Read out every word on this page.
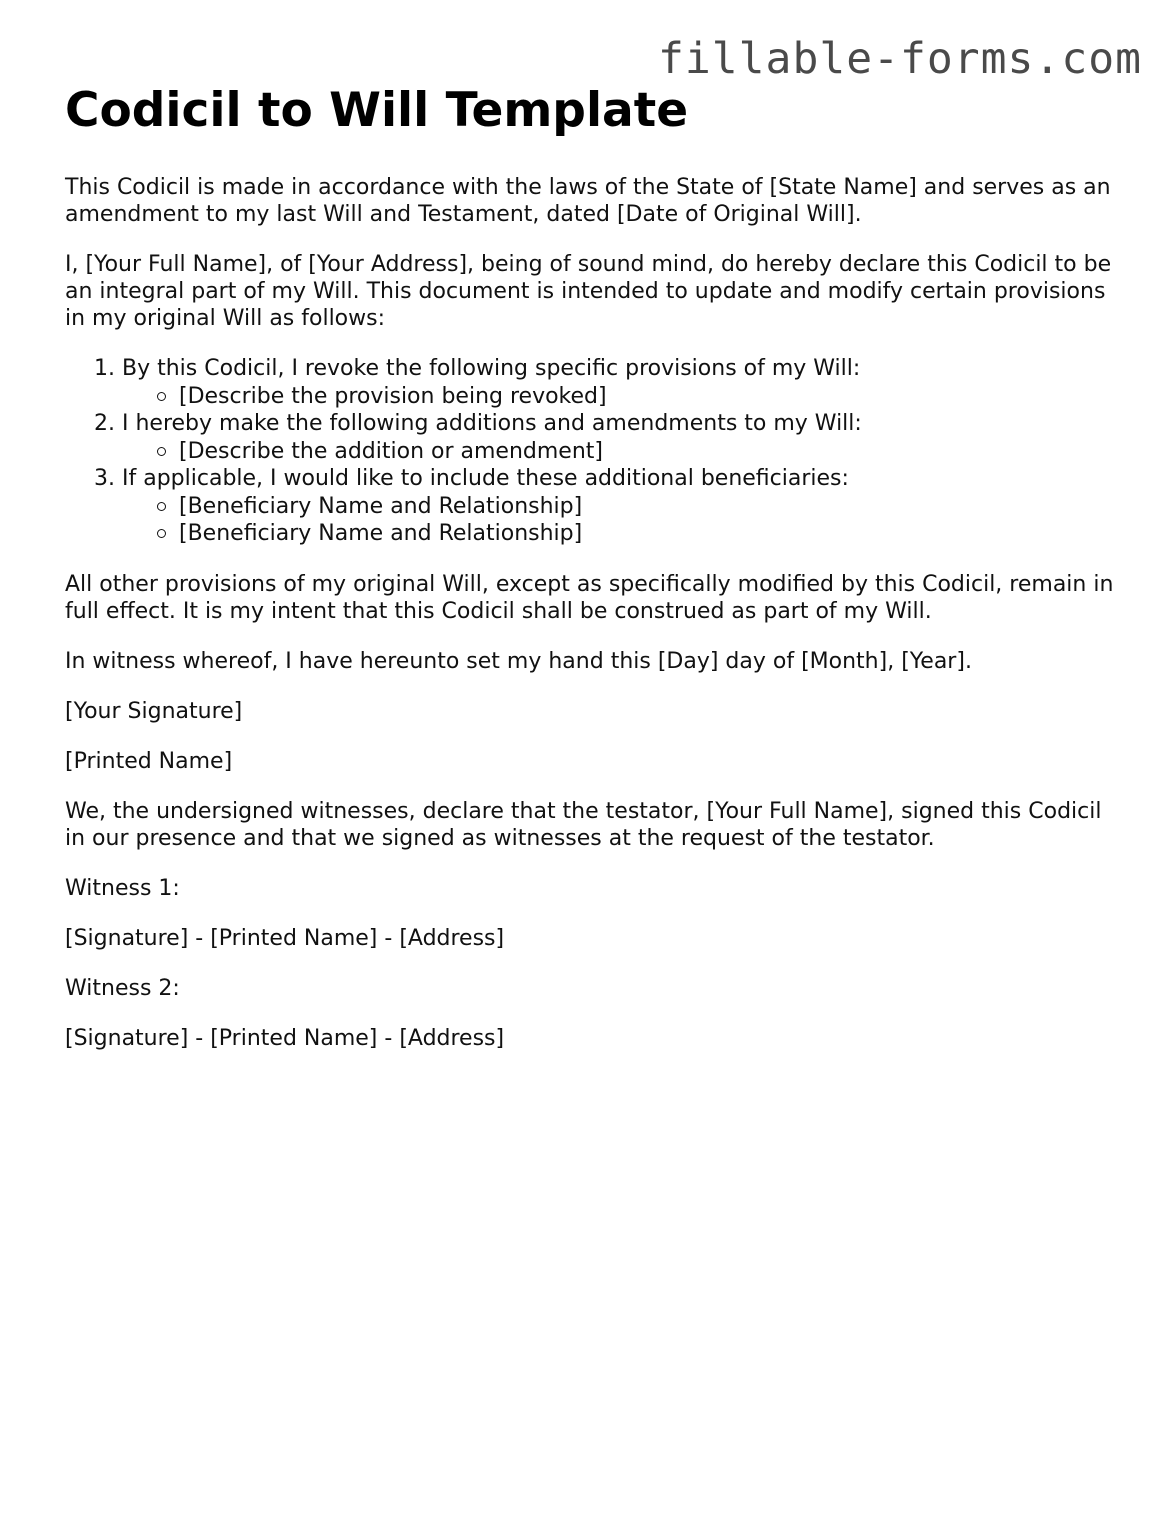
fillable-forms.com
Codicil to Will Template

This Codicil is made in accordance with the laws of the State of [State Name] and serves as an amendment to my last Will and Testament, dated [Date of Original Will].

I, [Your Full Name], of [Your Address], being of sound mind, do hereby declare this Codicil to be an integral part of my Will. This document is intended to update and modify certain provisions in my original Will as follows:

1. By this Codicil, I revoke the following specific provisions of my Will:
[Describe the provision being revoked]
2. I hereby make the following additions and amendments to my Will:
[Describe the addition or amendment]
3. If applicable, I would like to include these additional beneficiaries:
[Beneficiary Name and Relationship]
[Beneficiary Name and Relationship]

All other provisions of my original Will, except as specifically modified by this Codicil, remain in full effect. It is my intent that this Codicil shall be construed as part of my Will.

In witness whereof, I have hereunto set my hand this [Day] day of [Month], [Year].

[Your Signature]

[Printed Name]

We, the undersigned witnesses, declare that the testator, [Your Full Name], signed this Codicil in our presence and that we signed as witnesses at the request of the testator.

Witness 1:

[Signature] - [Printed Name] - [Address]

Witness 2:

[Signature] - [Printed Name] - [Address]
